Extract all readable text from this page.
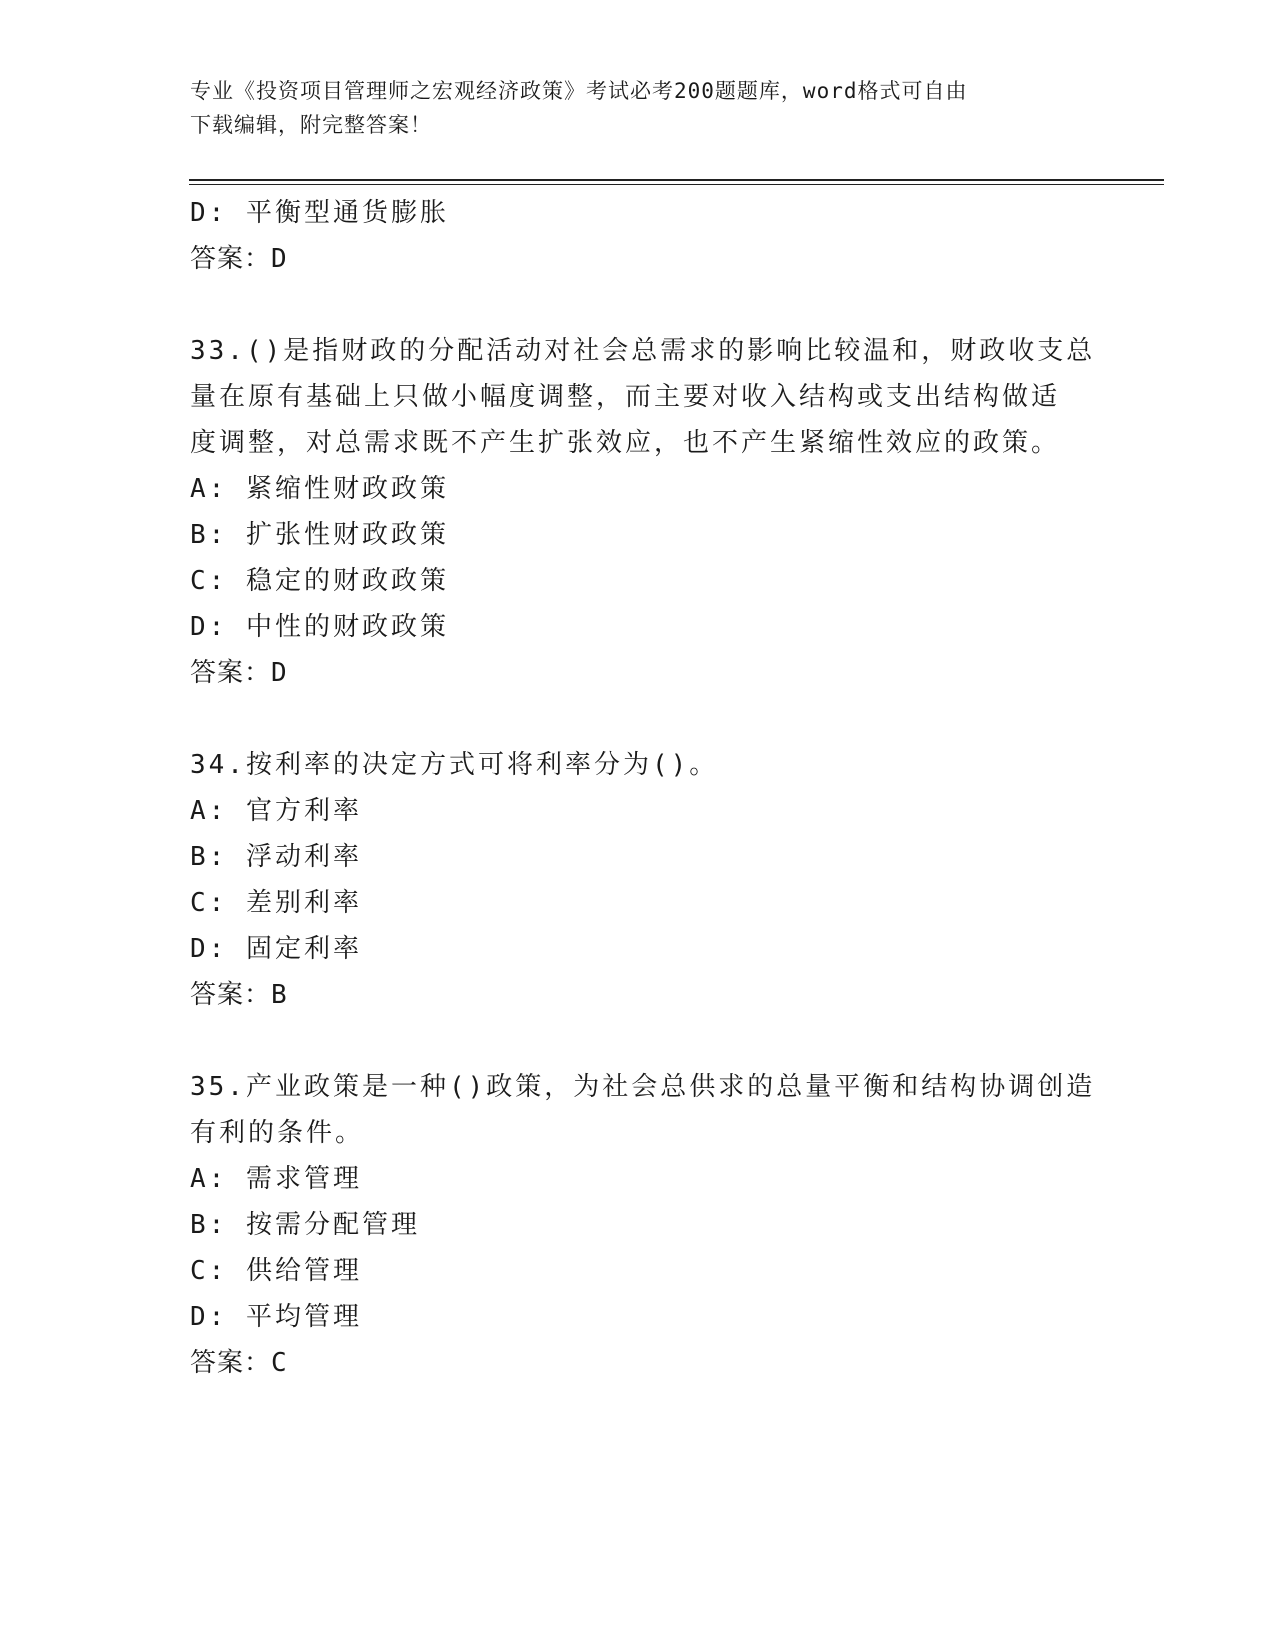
专业《投资项目管理师之宏观经济政策》考试必考200题题库，word格式可自由
下载编辑，附完整答案！
D: 平衡型通货膨胀
答案：D
33.()是指财政的分配活动对社会总需求的影响比较温和，财政收支总
量在原有基础上只做小幅度调整，而主要对收入结构或支出结构做适
度调整，对总需求既不产生扩张效应，也不产生紧缩性效应的政策。
A: 紧缩性财政政策
B: 扩张性财政政策
C: 稳定的财政政策
D: 中性的财政政策
答案：D
34.按利率的决定方式可将利率分为()。
A: 官方利率
B: 浮动利率
C: 差别利率
D: 固定利率
答案：B
35.产业政策是一种()政策，为社会总供求的总量平衡和结构协调创造
有利的条件。
A: 需求管理
B: 按需分配管理
C: 供给管理
D: 平均管理
答案：C
